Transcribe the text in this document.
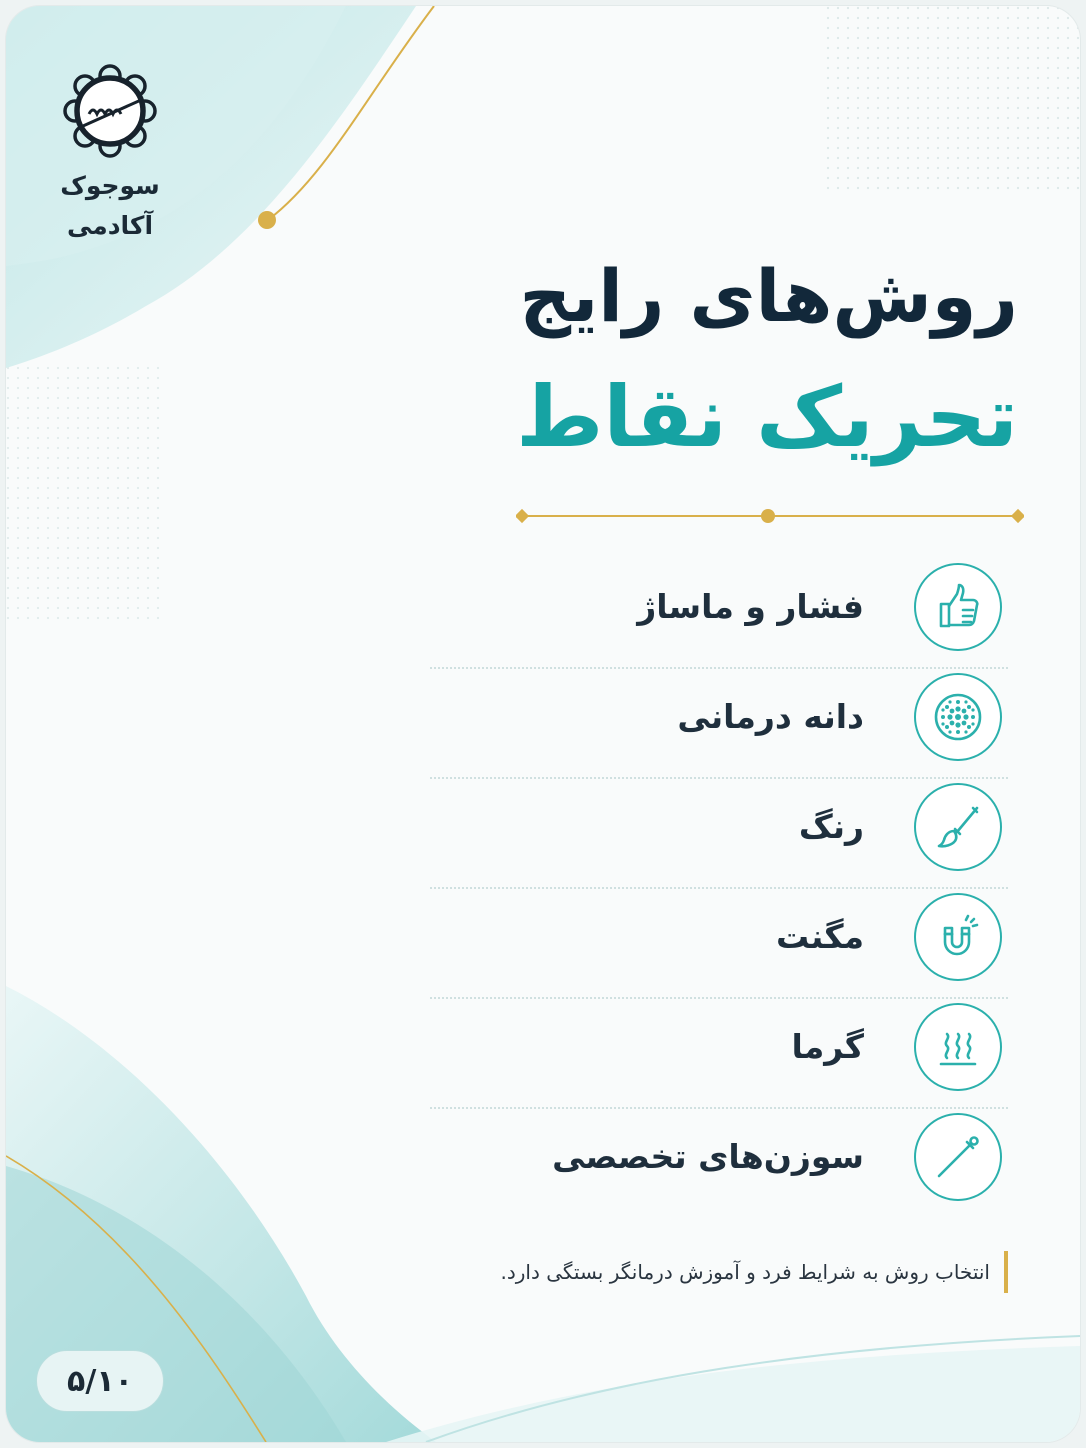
سوجوک
آکادمی
روش‌های رایج
تحریک نقاط
فشار و ماساژ
دانه درمانی
رنگ
مگنت
گرما
سوزن‌های تخصصی
انتخاب روش به شرایط فرد و آموزش درمانگر بستگی دارد.
۵/۱۰
